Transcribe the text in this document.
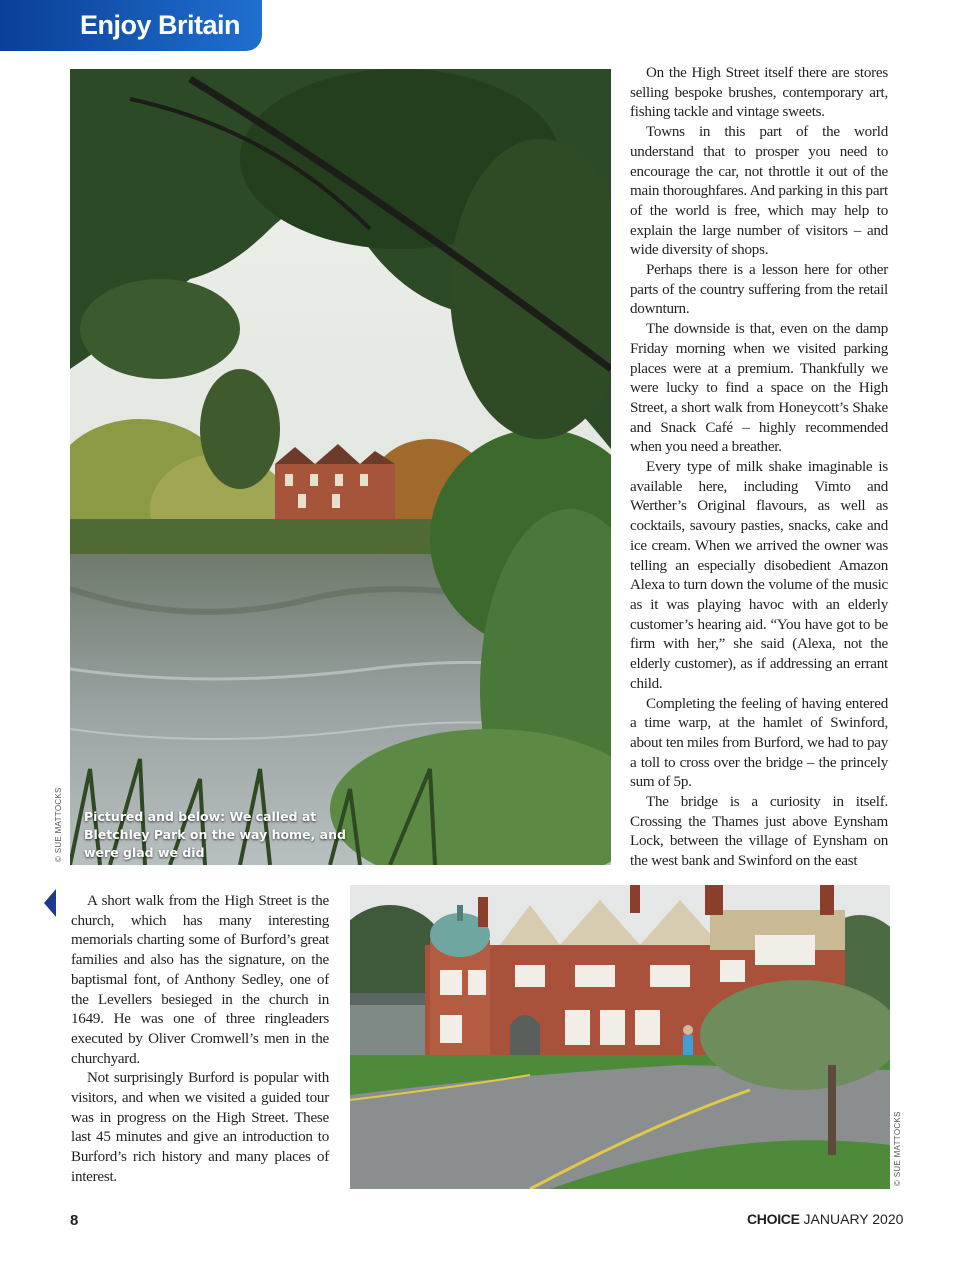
Enjoy Britain
Pictured and below: We called at Bletchley Park on the way home, and were glad we did
© SUE MATTOCKS

On the High Street itself there are stores selling bespoke brushes, contemporary art, fishing tackle and vintage sweets.

Towns in this part of the world understand that to prosper you need to encourage the car, not throttle it out of the main thoroughfares. And parking in this part of the world is free, which may help to explain the large number of visitors – and wide diversity of shops.

Perhaps there is a lesson here for other parts of the country suffering from the retail downturn.

The downside is that, even on the damp Friday morning when we visited parking places were at a premium. Thankfully we were lucky to find a space on the High Street, a short walk from Honeycott’s Shake and Snack Café – highly recommended when you need a breather.

Every type of milk shake imaginable is available here, including Vimto and Werther’s Original flavours, as well as cocktails, savoury pasties, snacks, cake and ice cream. When we arrived the owner was telling an especially disobedient Amazon Alexa to turn down the volume of the music as it was playing havoc with an elderly customer’s hearing aid. “You have got to be firm with her,” she said (Alexa, not the elderly customer), as if addressing an errant child.

Completing the feeling of having entered a time warp, at the hamlet of Swinford, about ten miles from Burford, we had to pay a toll to cross over the bridge – the princely sum of 5p.

The bridge is a curiosity in itself. Crossing the Thames just above Eynsham Lock, between the village of Eynsham on the west bank and Swinford on the east

A short walk from the High Street is the church, which has many interesting memorials charting some of Burford’s great families and also has the signature, on the baptismal font, of Anthony Sedley, one of the Levellers besieged in the church in 1649. He was one of three ringleaders executed by Oliver Cromwell’s men in the churchyard.

Not surprisingly Burford is popular with visitors, and when we visited a guided tour was in progress on the High Street. These last 45 minutes and give an introduction to Burford’s rich history and many places of interest.	© SUE MATTOCKS
8	CHOICE JANUARY 2020
